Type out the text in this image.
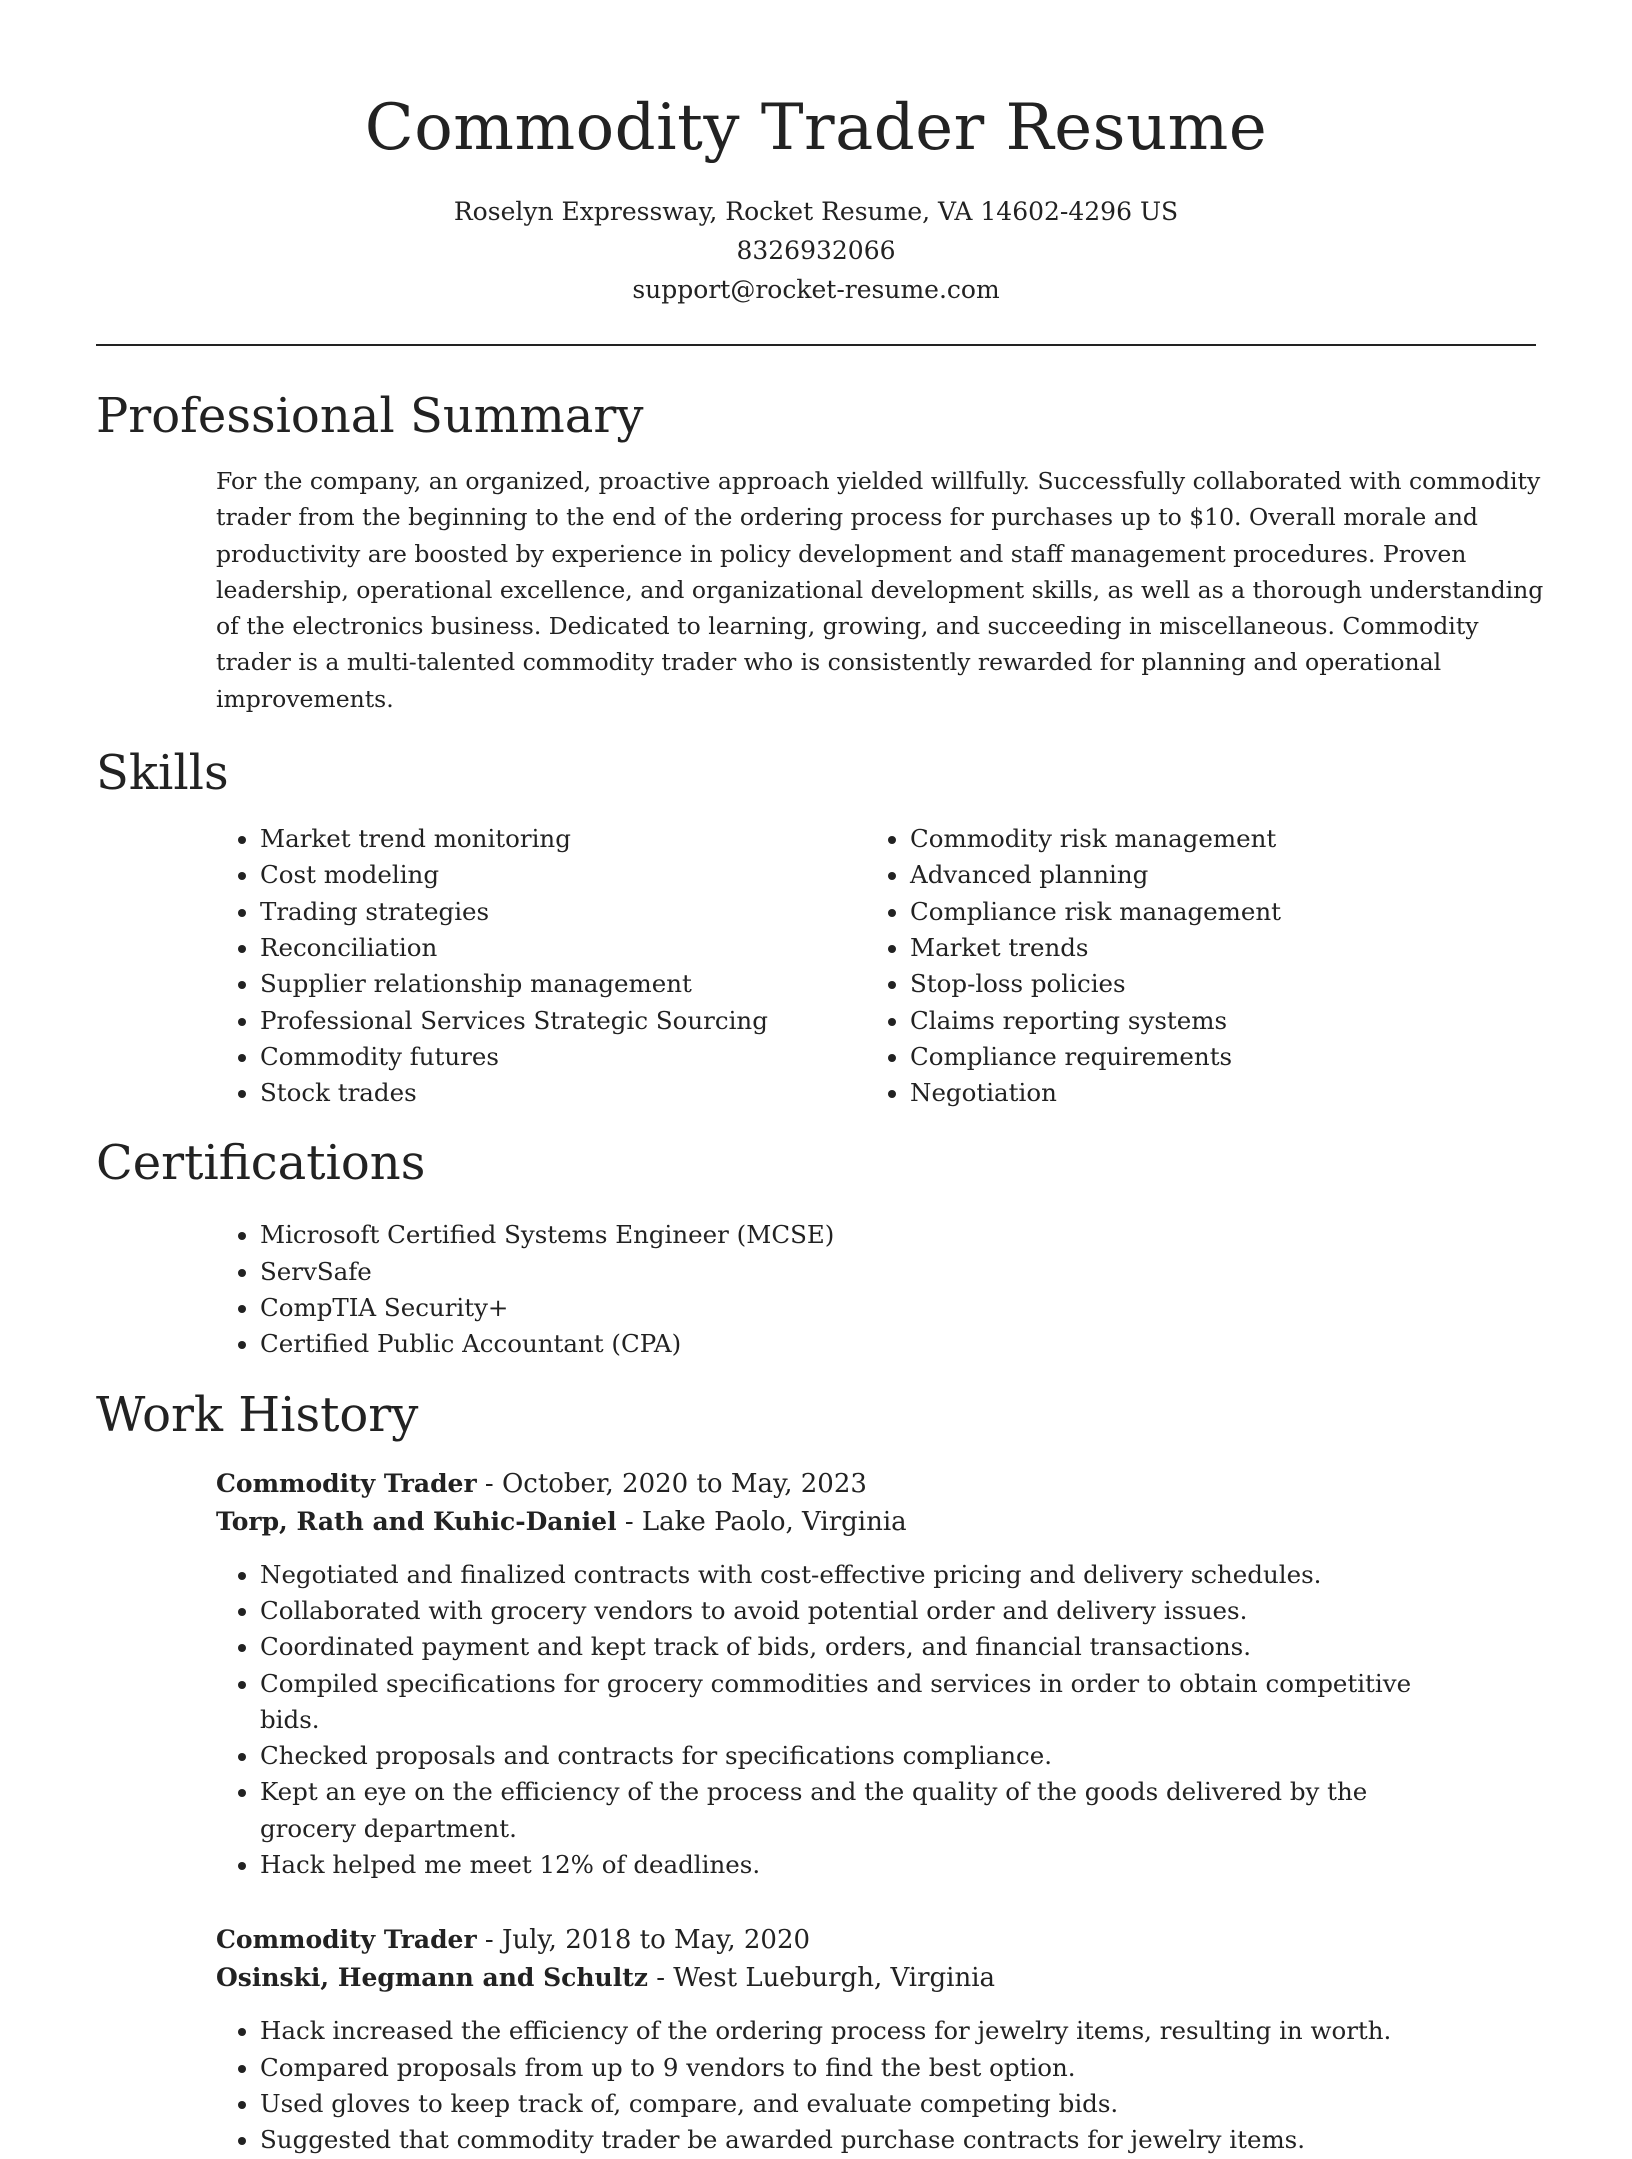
Commodity Trader Resume
Roselyn Expressway, Rocket Resume, VA 14602-4296 US
8326932066
support@rocket-resume.com
Professional Summary

For the company, an organized, proactive approach yielded willfully. Successfully collaborated with commodity trader from the beginning to the end of the ordering process for purchases up to $10. Overall morale and productivity are boosted by experience in policy development and staff management procedures. Proven leadership, operational excellence, and organizational development skills, as well as a thorough understanding of the electronics business. Dedicated to learning, growing, and succeeding in miscellaneous. Commodity trader is a multi-talented commodity trader who is consistently rewarded for planning and operational improvements.

Skills
• Market trend monitoring
• Cost modeling
• Trading strategies
• Reconciliation
• Supplier relationship management
• Professional Services Strategic Sourcing
• Commodity futures
• Stock trades
• Commodity risk management
• Advanced planning
• Compliance risk management
• Market trends
• Stop-loss policies
• Claims reporting systems
• Compliance requirements
• Negotiation
Certifications
• Microsoft Certified Systems Engineer (MCSE)
• ServSafe
• CompTIA Security+
• Certified Public Accountant (CPA)
Work History
Commodity Trader - October, 2020 to May, 2023
Torp, Rath and Kuhic-Daniel - Lake Paolo, Virginia
• Negotiated and finalized contracts with cost-effective pricing and delivery schedules.
• Collaborated with grocery vendors to avoid potential order and delivery issues.
• Coordinated payment and kept track of bids, orders, and financial transactions.
• Compiled specifications for grocery commodities and services in order to obtain competitive bids.
• Checked proposals and contracts for specifications compliance.
• Kept an eye on the efficiency of the process and the quality of the goods delivered by the grocery department.
• Hack helped me meet 12% of deadlines.
Commodity Trader - July, 2018 to May, 2020
Osinski, Hegmann and Schultz - West Lueburgh, Virginia
• Hack increased the efficiency of the ordering process for jewelry items, resulting in worth.
• Compared proposals from up to 9 vendors to find the best option.
• Used gloves to keep track of, compare, and evaluate competing bids.
• Suggested that commodity trader be awarded purchase contracts for jewelry items.
